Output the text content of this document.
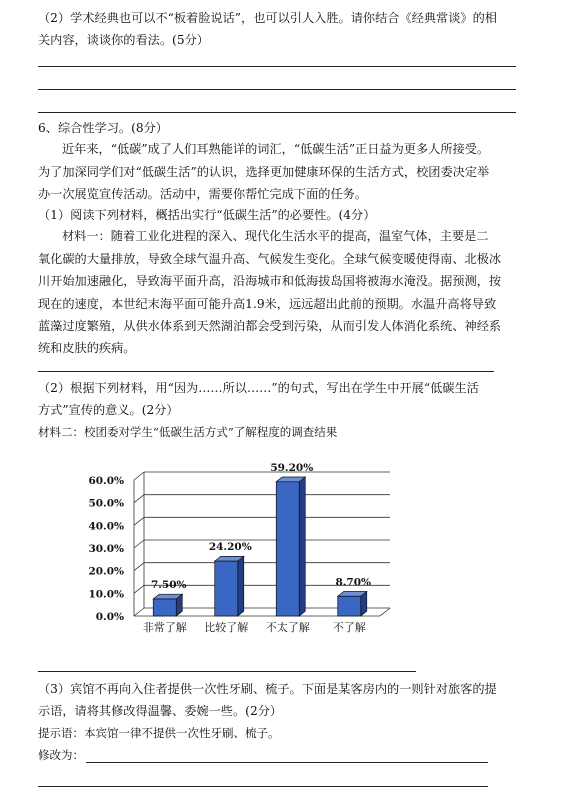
（2）学术经典也可以不“板着脸说话”，也可以引人入胜。请你结合《经典常谈》的相
关内容，谈谈你的看法。(5分）
6、综合性学习。(8分）
近年来，“低碳”成了人们耳熟能详的词汇，“低碳生活”正日益为更多人所接受。
为了加深同学们对“低碳生活”的认识，选择更加健康环保的生活方式，校团委决定举
办一次展览宣传活动。活动中，需要你帮忙完成下面的任务。
（1）阅读下列材料，概括出实行“低碳生活”的必要性。(4分）
材料一：随着工业化进程的深入、现代化生活水平的提高，温室气体，主要是二
氧化碳的大量排放，导致全球气温升高、气候发生变化。全球气候变暖使得南、北极冰
川开始加速融化，导致海平面升高，沿海城市和低海拔岛国将被海水淹没。据预测，按
现在的速度，本世纪末海平面可能升高1.9米，远远超出此前的预期。水温升高将导致
蓝藻过度繁殖，从供水体系到天然湖泊都会受到污染，从而引发人体消化系统、神经系
统和皮肤的疾病。
（2）根据下列材料，用“因为……所以……”的句式，写出在学生中开展“低碳生活
方式”宣传的意义。(2分）
材料二：校团委对学生“低碳生活方式”了解程度的调查结果
0.0%
10.0%
20.0%
30.0%
40.0%
50.0%
60.0%
7.50%
非常了解
24.20%
比较了解
59.20%
不太了解
8.70%
不了解
（3）宾馆不再向入住者提供一次性牙刷、梳子。下面是某客房内的一则针对旅客的提
示语，请将其修改得温馨、委婉一些。(2分）
提示语：本宾馆一律不提供一次性牙刷、梳子。
修改为：
